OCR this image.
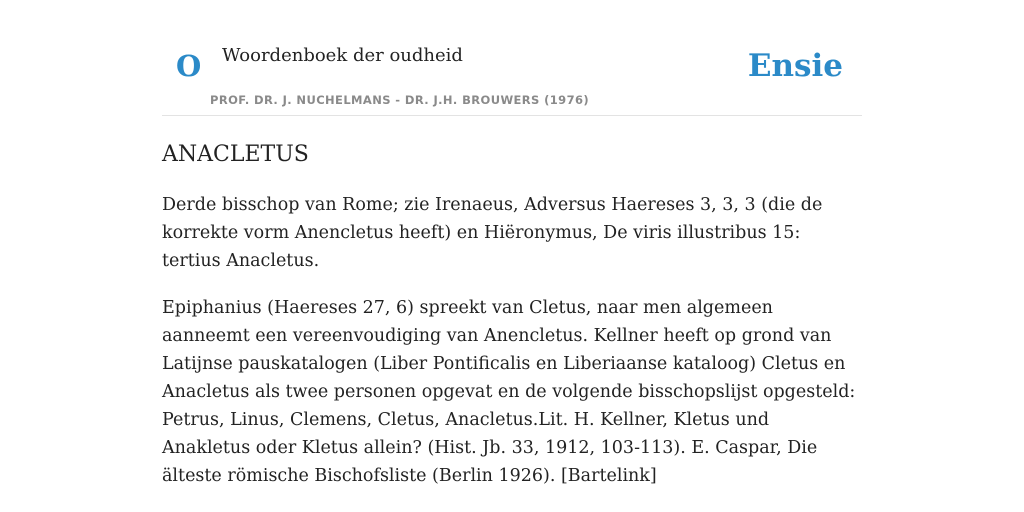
O Woordenboek der oudheid
PROF. DR. J. NUCHELMANS - DR. J.H. BROUWERS (1976)
Ensie
ANACLETUS

Derde bisschop van Rome; zie Irenaeus, Adversus Haereses 3, 3, 3 (die de korrekte vorm Anencletus heeft) en Hiëronymus, De viris illustribus 15: tertius Anacletus.

Epiphanius (Haereses 27, 6) spreekt van Cletus, naar men algemeen aanneemt een vereenvoudiging van Anencletus. Kellner heeft op grond van Latijnse pauskatalogen (Liber Pontificalis en Liberiaanse kataloog) Cletus en Anacletus als twee personen opgevat en de volgende bisschopslijst opgesteld: Petrus, Linus, Clemens, Cletus, Anacletus.Lit. H. Kellner, Kletus und Anakletus oder Kletus allein? (Hist. Jb. 33, 1912, 103-113). E. Caspar, Die älteste römische Bischofsliste (Berlin 1926). [Bartelink]
